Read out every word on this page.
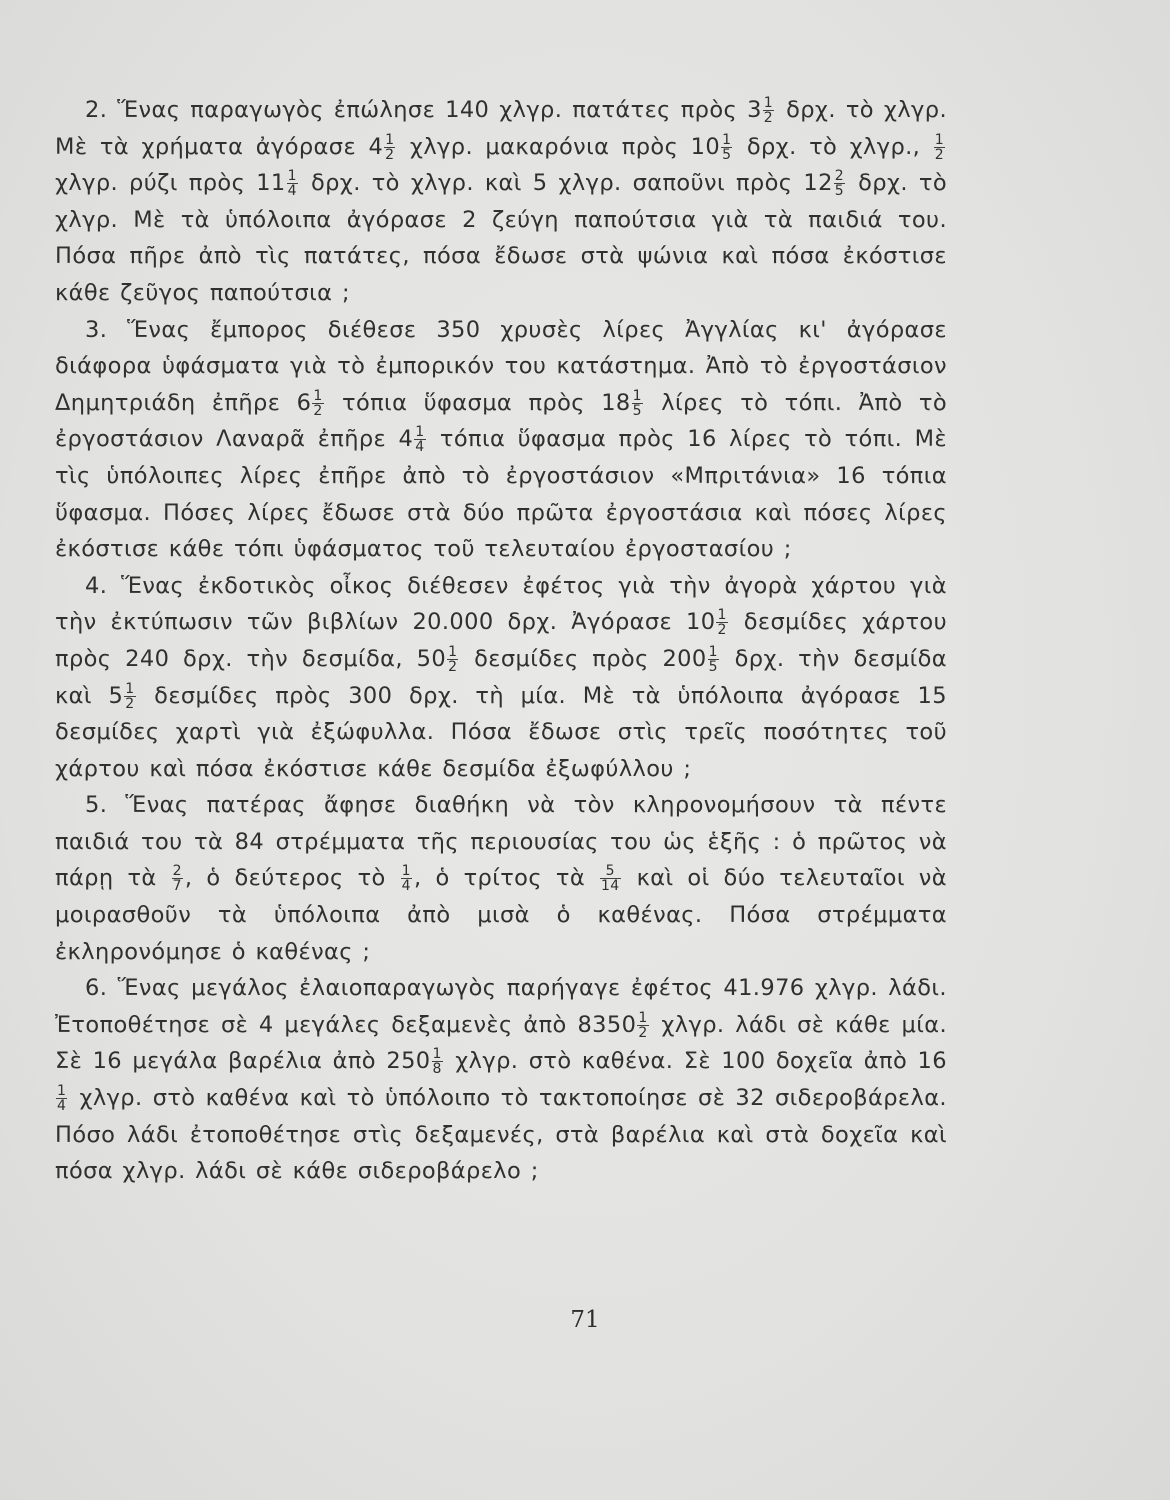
2. Ἕνας παραγωγὸς ἐπώλησε 140 χλγρ. πατάτες πρὸς $3 \frac{1}{2} \delta\rho\chi$. τὸ χλγρ. Μὲ τὰ χρήματα ἀγόρασε $4 \frac{1}{2} \chi\lambda\gamma\rho$. μακαρόνια πρὸς $10 \frac{1}{5} \delta\rho\chi$. τὸ χλγρ., $\frac{1}{2}$
χλγρ. ρύζι πρὸς $11 \frac{1}{4} \delta\rho\chi$. τὸ χλγρ. καὶ 5 χλγρ. σαποῦνι πρὸς $12 \frac{2}{5} \delta\rho\chi$. τὸ χλγρ. Μὲ τὰ ὑπόλοιπα ἀγόρασε 2 ζεύγη παπούτσια γιὰ τὰ παιδιά του. Πόσα πῆρε ἀπὸ τὶς πατάτες, πόσα ἔδωσε στὰ ψώνια καὶ πόσα ἐκόστισε κάθε ζεῦγος παπούτσια ;

3. Ἕνας ἔμπορος διέθεσε 350 χρυσὲς λίρες Ἀγγλίας κι' ἀγόρασε διάφορα ὑφάσματα γιὰ τὸ ἐμπορικόν του κατάστημα. Ἀπὸ τὸ ἐργοστάσιον Δημητριάδη ἐπῆρε $6 \frac{1}{2}$ τόπια ὕφασμα πρὸς $18 \frac{1}{5}$ λίρες τὸ τόπι. Ἀπὸ τὸ ἐργοστάσιον Λαναρᾶ ἐπῆρε $4 \frac{1}{4}$ τόπια ὕφασμα πρὸς 16 λίρες τὸ τόπι. Μὲ τὶς ὑπόλοιπες λίρες ἐπῆρε ἀπὸ τὸ ἐργοστάσιον «Μπριτάνια» 16 τόπια ὕφασμα. Πόσες λίρες ἔδωσε στὰ δύο πρῶτα ἐργοστάσια καὶ πόσες λίρες ἐκόστισε κάθε τόπι ὑφάσματος τοῦ τελευταίου ἐργοστασίου ;

4. Ἕνας ἐκδοτικὸς οἶκος διέθεσεν ἐφέτος γιὰ τὴν ἀγορὰ χάρτου γιὰ τὴν ἐκτύπωσιν τῶν βιβλίων 20.000 δρχ. Ἀγόρασε $10 \frac{1}{2}$ δεσμίδες χάρτου πρὸς 240 δρχ. τὴν δεσμίδα, $50 \frac{1}{2}$ δεσμίδες πρὸς $200 \frac{1}{5} \delta\rho\chi$. τὴν δεσμίδα καὶ $5 \frac{1}{2}$ δεσμίδες πρὸς 300 δρχ. τὴ μία. Μὲ τὰ ὑπόλοιπα ἀγόρασε 15 δεσμίδες χαρτὶ γιὰ ἐξώφυλλα. Πόσα ἔδωσε στὶς τρεῖς ποσότητες τοῦ χάρτου καὶ πόσα ἐκόστισε κάθε δεσμίδα ἐξωφύλλου ;

5. Ἕνας πατέρας ἄφησε διαθήκη νὰ τὸν κληρονομήσουν τὰ πέντε παιδιά του τὰ 84 στρέμματα τῆς περιουσίας του ὡς ἑξῆς : ὁ πρῶτος νὰ πάρῃ τὰ $\frac{2}{7}$ , ὁ δεύτερος τὸ $\frac{1}{4}$ , ὁ τρίτος τὰ $\frac{5}{14}$ καὶ οἱ δύο τελευταῖοι νὰ μοιρασθοῦν τὰ ὑπόλοιπα ἀπὸ μισὰ ὁ καθένας. Πόσα στρέμματα ἐκληρονόμησε ὁ καθένας ;

6. Ἕνας μεγάλος ἐλαιοπαραγωγὸς παρήγαγε ἐφέτος 41.976 χλγρ. λάδι. Ἐτοποθέτησε σὲ 4 μεγάλες δεξαμενὲς ἀπὸ $8350 \frac{1}{2} \chi\lambda\gamma\rho$. λάδι σὲ κάθε μία. Σὲ 16 μεγάλα βαρέλια ἀπὸ $250 \frac{1}{8} \chi\lambda\gamma\rho$. στὸ καθένα. Σὲ 100 δοχεῖα ἀπὸ 16
$\frac{1}{4} \chi\lambda\gamma\rho$. στὸ καθένα καὶ τὸ ὑπόλοιπο τὸ τακτοποίησε σὲ 32 σιδεροβάρελα. Πόσο λάδι ἐτοποθέτησε στὶς δεξαμενές, στὰ βαρέλια καὶ στὰ δοχεῖα καὶ πόσα χλγρ. λάδι σὲ κάθε σιδεροβάρελο ;

71
